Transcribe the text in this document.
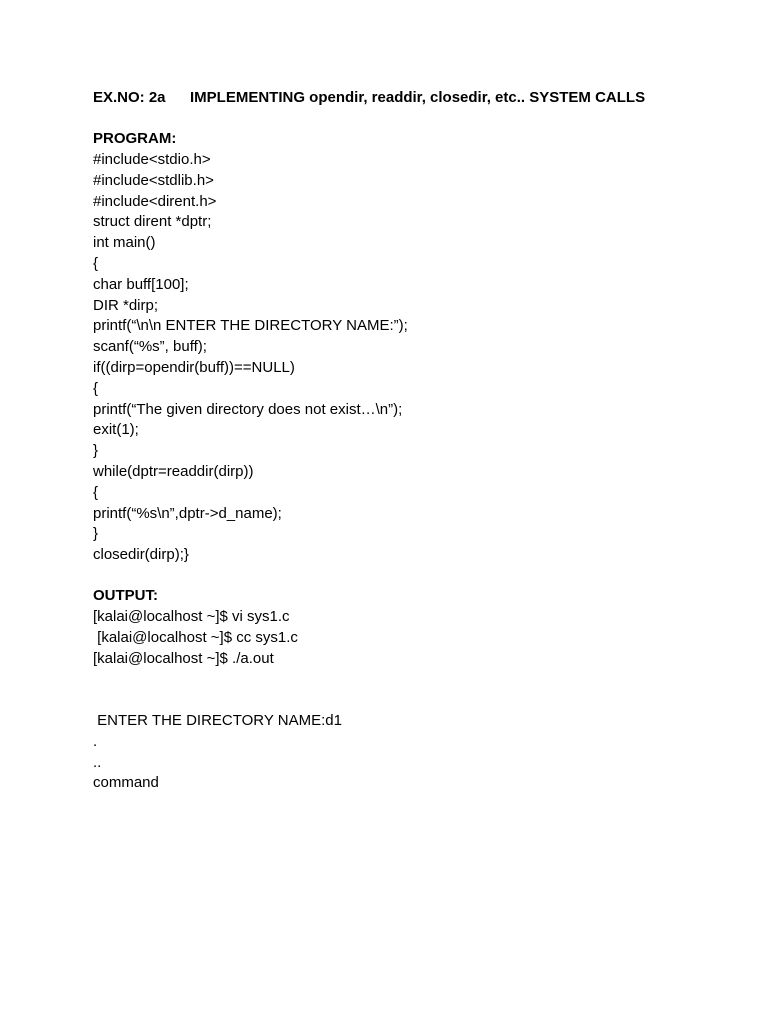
EX.NO: 2a IMPLEMENTING opendir, readdir, closedir, etc.. SYSTEM CALLS
PROGRAM:
#include<stdio.h>
#include<stdlib.h>
#include<dirent.h>
struct dirent *dptr;
int main()
{
char buff[100];
DIR *dirp;
printf(“\n\n ENTER THE DIRECTORY NAME:”);
scanf(“%s”, buff);
if((dirp=opendir(buff))==NULL)
{
printf(“The given directory does not exist…\n”);
exit(1);
}
while(dptr=readdir(dirp))
{
printf(“%s\n”,dptr->d_name);
}
closedir(dirp);}
OUTPUT:
[kalai@localhost ~]$ vi sys1.c
[kalai@localhost ~]$ cc sys1.c
[kalai@localhost ~]$ ./a.out
ENTER THE DIRECTORY NAME:d1
.
..
command
